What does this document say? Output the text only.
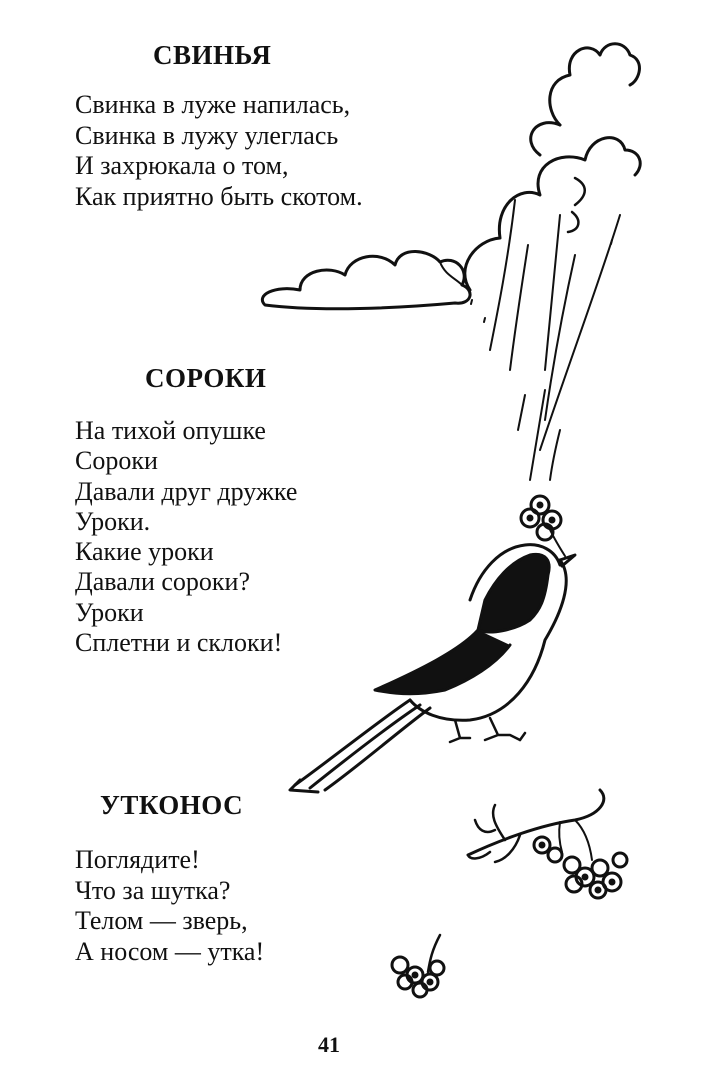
СВИНЬЯ
Свинка в луже напилась,
Свинка в лужу улеглась
И захрюкала о том,
Как приятно быть скотом.
СОРОКИ
На тихой опушке
Сороки
Давали друг дружке
Уроки.
Какие уроки
Давали сороки?
Уроки
Сплетни и склоки!
УТКОНОС
Поглядите!
Что за шутка?
Телом — зверь,
А носом — утка!
41
